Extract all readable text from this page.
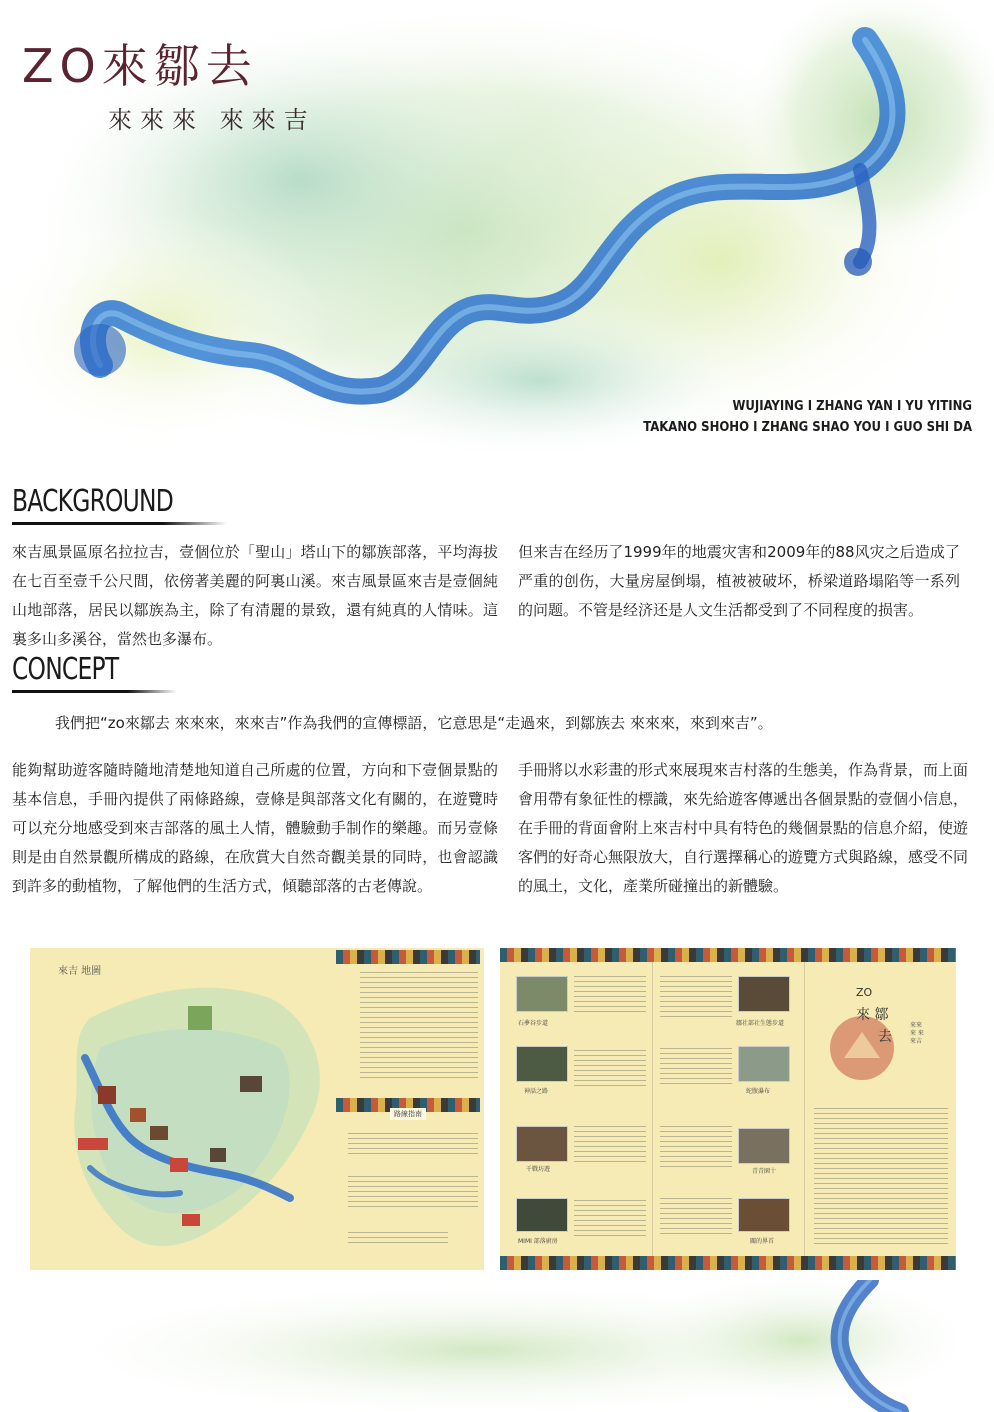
ZO來鄒去
來來來 來來吉
WUJIAYING I ZHANG YAN I YU YITING
TAKANO SHOHO I ZHANG SHAO YOU I GUO SHI DA
BACKGROUND
來吉風景區原名拉拉吉，壹個位於「聖山」塔山下的鄒族部落，平均海拔在七百至壹千公尺間，依傍著美麗的阿裏山溪。來吉風景區來吉是壹個純山地部落，居民以鄒族為主，除了有清麗的景致，還有純真的人情味。這裏多山多溪谷，當然也多瀑布。
但来吉在经历了1999年的地震灾害和2009年的88风灾之后造成了严重的创伤，大量房屋倒塌，植被被破坏，桥梁道路塌陷等一系列的问题。不管是经济还是人文生活都受到了不同程度的损害。
CONCEPT
我們把“zo來鄒去 來來來，來來吉”作為我們的宣傳標語，它意思是“走過來，到鄒族去 來來來，來到來吉”。
能夠幫助遊客隨時隨地清楚地知道自己所處的位置，方向和下壹個景點的基本信息，手冊內提供了兩條路線，壹條是與部落文化有關的，在遊覽時可以充分地感受到來吉部落的風土人情，體驗動手制作的樂趣。而另壹條則是由自然景觀所構成的路線，在欣賞大自然奇觀美景的同時，也會認識到許多的動植物，了解他們的生活方式，傾聽部落的古老傳說。
手冊將以水彩畫的形式來展現來吉村落的生態美，作為背景，而上面會用帶有象征性的標識，來先給遊客傳遞出各個景點的壹個小信息，在手冊的背面會附上來吉村中具有特色的幾個景點的信息介紹，使遊客們的好奇心無限放大，自行選擇稱心的遊覽方式與路線，感受不同的風土，文化，產業所碰撞出的新體驗。
來吉 地圖
路線指南
石夢谷步道
神話之路
千戰坊遊
MIMI 部落廚房
鄒社部社生態步道
蛇腹瀑布
青青園十
關的界首
ZO
來 鄒
去
來來來 來來吉
